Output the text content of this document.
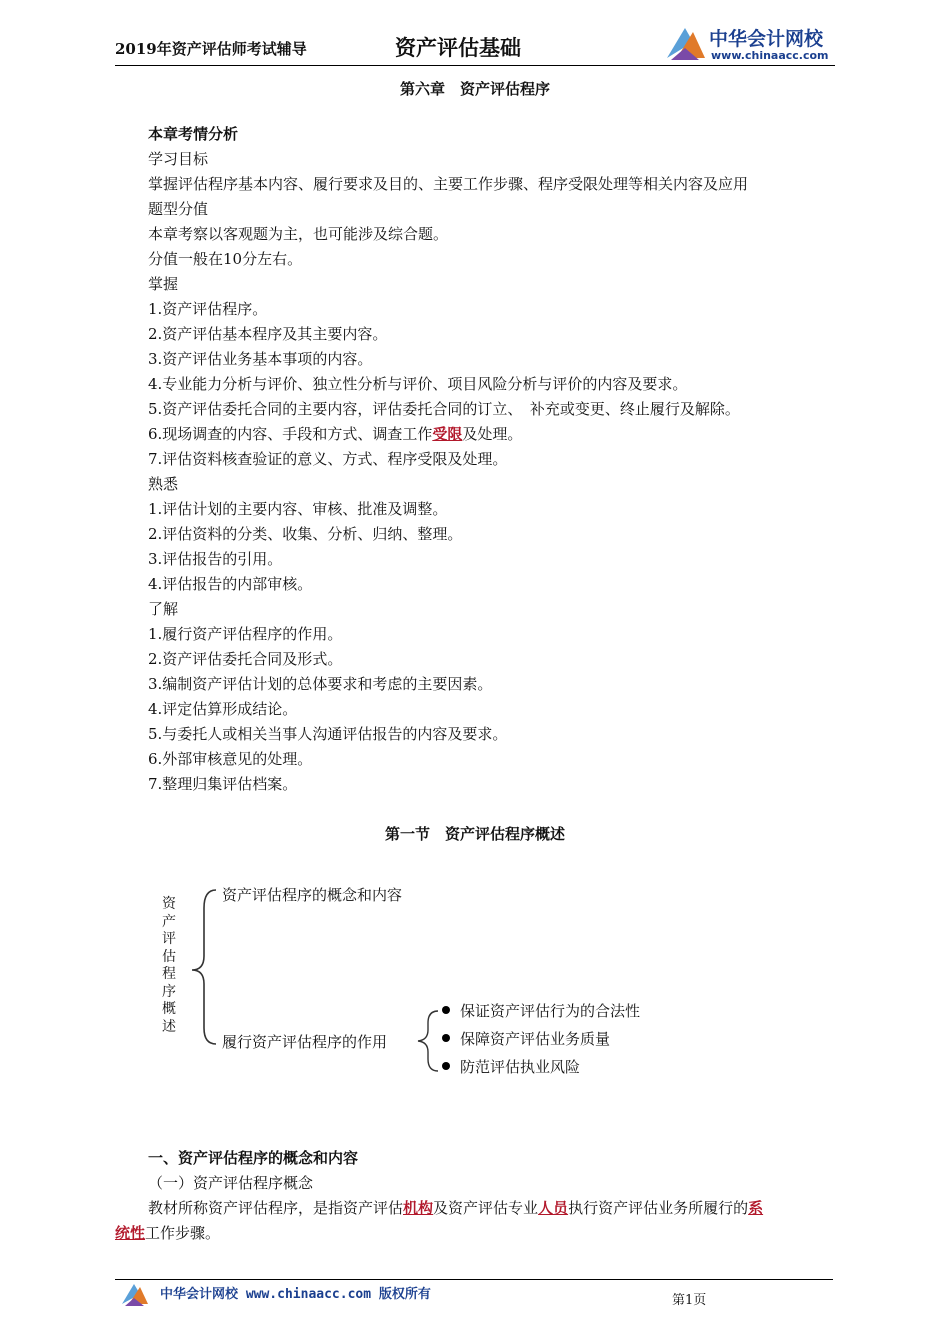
2019年资产评估师考试辅导	资产评估基础	中华会计网校
www.chinaacc.com
第六章　资产评估程序
本章考情分析
学习目标
掌握评估程序基本内容、履行要求及目的、主要工作步骤、程序受限处理等相关内容及应用
题型分值
本章考察以客观题为主，也可能涉及综合题。
分值一般在10分左右。
掌握
1.资产评估程序。
2.资产评估基本程序及其主要内容。
3.资产评估业务基本事项的内容。
4.专业能力分析与评价、独立性分析与评价、项目风险分析与评价的内容及要求。
5.资产评估委托合同的主要内容，评估委托合同的订立、　补充或变更、终止履行及解除。
6.现场调查的内容、手段和方式、调查工作受限及处理。
7.评估资料核查验证的意义、方式、程序受限及处理。
熟悉
1.评估计划的主要内容、审核、批准及调整。
2.评估资料的分类、收集、分析、归纳、整理。
3.评估报告的引用。
4.评估报告的内部审核。
了解
1.履行资产评估程序的作用。
2.资产评估委托合同及形式。
3.编制资产评估计划的总体要求和考虑的主要因素。
4.评定估算形成结论。
5.与委托人或相关当事人沟通评估报告的内容及要求。
6.外部审核意见的处理。
7.整理归集评估档案。
第一节　资产评估程序概述
资
产
评
估
程
序
概
述
资产评估程序的概念和内容
履行资产评估程序的作用
保证资产评估行为的合法性
保障资产评估业务质量
防范评估执业风险
一、资产评估程序的概念和内容
（一）资产评估程序概念
教材所称资产评估程序，是指资产评估机构及资产评估专业人员执行资产评估业务所履行的系
统性工作步骤。
中华会计网校 www.chinaacc.com 版权所有	第1页
